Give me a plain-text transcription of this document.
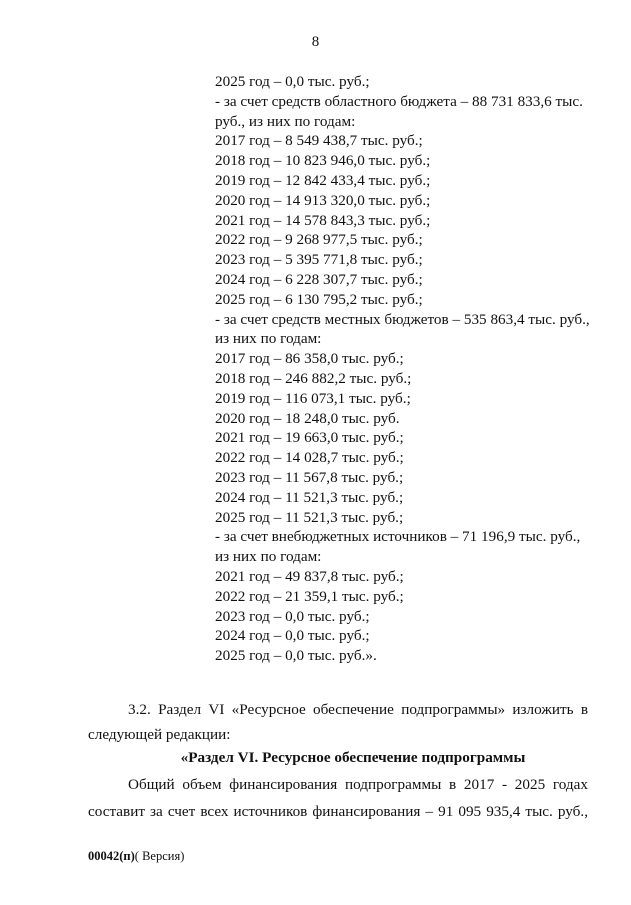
8
2025 год – 0,0 тыс. руб.;
- за счет средств областного бюджета – 88 731 833,6 тыс.
руб., из них по годам:
2017 год – 8 549 438,7 тыс. руб.;
2018 год – 10 823 946,0 тыс. руб.;
2019 год – 12 842 433,4 тыс. руб.;
2020 год – 14 913 320,0 тыс. руб.;
2021 год – 14 578 843,3 тыс. руб.;
2022 год – 9 268 977,5 тыс. руб.;
2023 год – 5 395 771,8 тыс. руб.;
2024 год – 6 228 307,7 тыс. руб.;
2025 год – 6 130 795,2 тыс. руб.;
- за счет средств местных бюджетов – 535 863,4 тыс. руб.,
из них по годам:
2017 год – 86 358,0 тыс. руб.;
2018 год – 246 882,2 тыс. руб.;
2019 год – 116 073,1 тыс. руб.;
2020 год – 18 248,0 тыс. руб.
2021 год – 19 663,0 тыс. руб.;
2022 год – 14 028,7 тыс. руб.;
2023 год – 11 567,8 тыс. руб.;
2024 год – 11 521,3 тыс. руб.;
2025 год – 11 521,3 тыс. руб.;
- за счет внебюджетных источников – 71 196,9 тыс. руб.,
из них по годам:
2021 год – 49 837,8 тыс. руб.;
2022 год – 21 359,1 тыс. руб.;
2023 год – 0,0 тыс. руб.;
2024 год – 0,0 тыс. руб.;
2025 год – 0,0 тыс. руб.».
3.2. Раздел VI «Ресурсное обеспечение подпрограммы» изложить в
следующей редакции:
«Раздел VI. Ресурсное обеспечение подпрограммы
Общий объем финансирования подпрограммы в 2017 - 2025 годах
составит за счет всех источников финансирования – 91 095 935,4 тыс. руб.,
00042(п)( Версия)
